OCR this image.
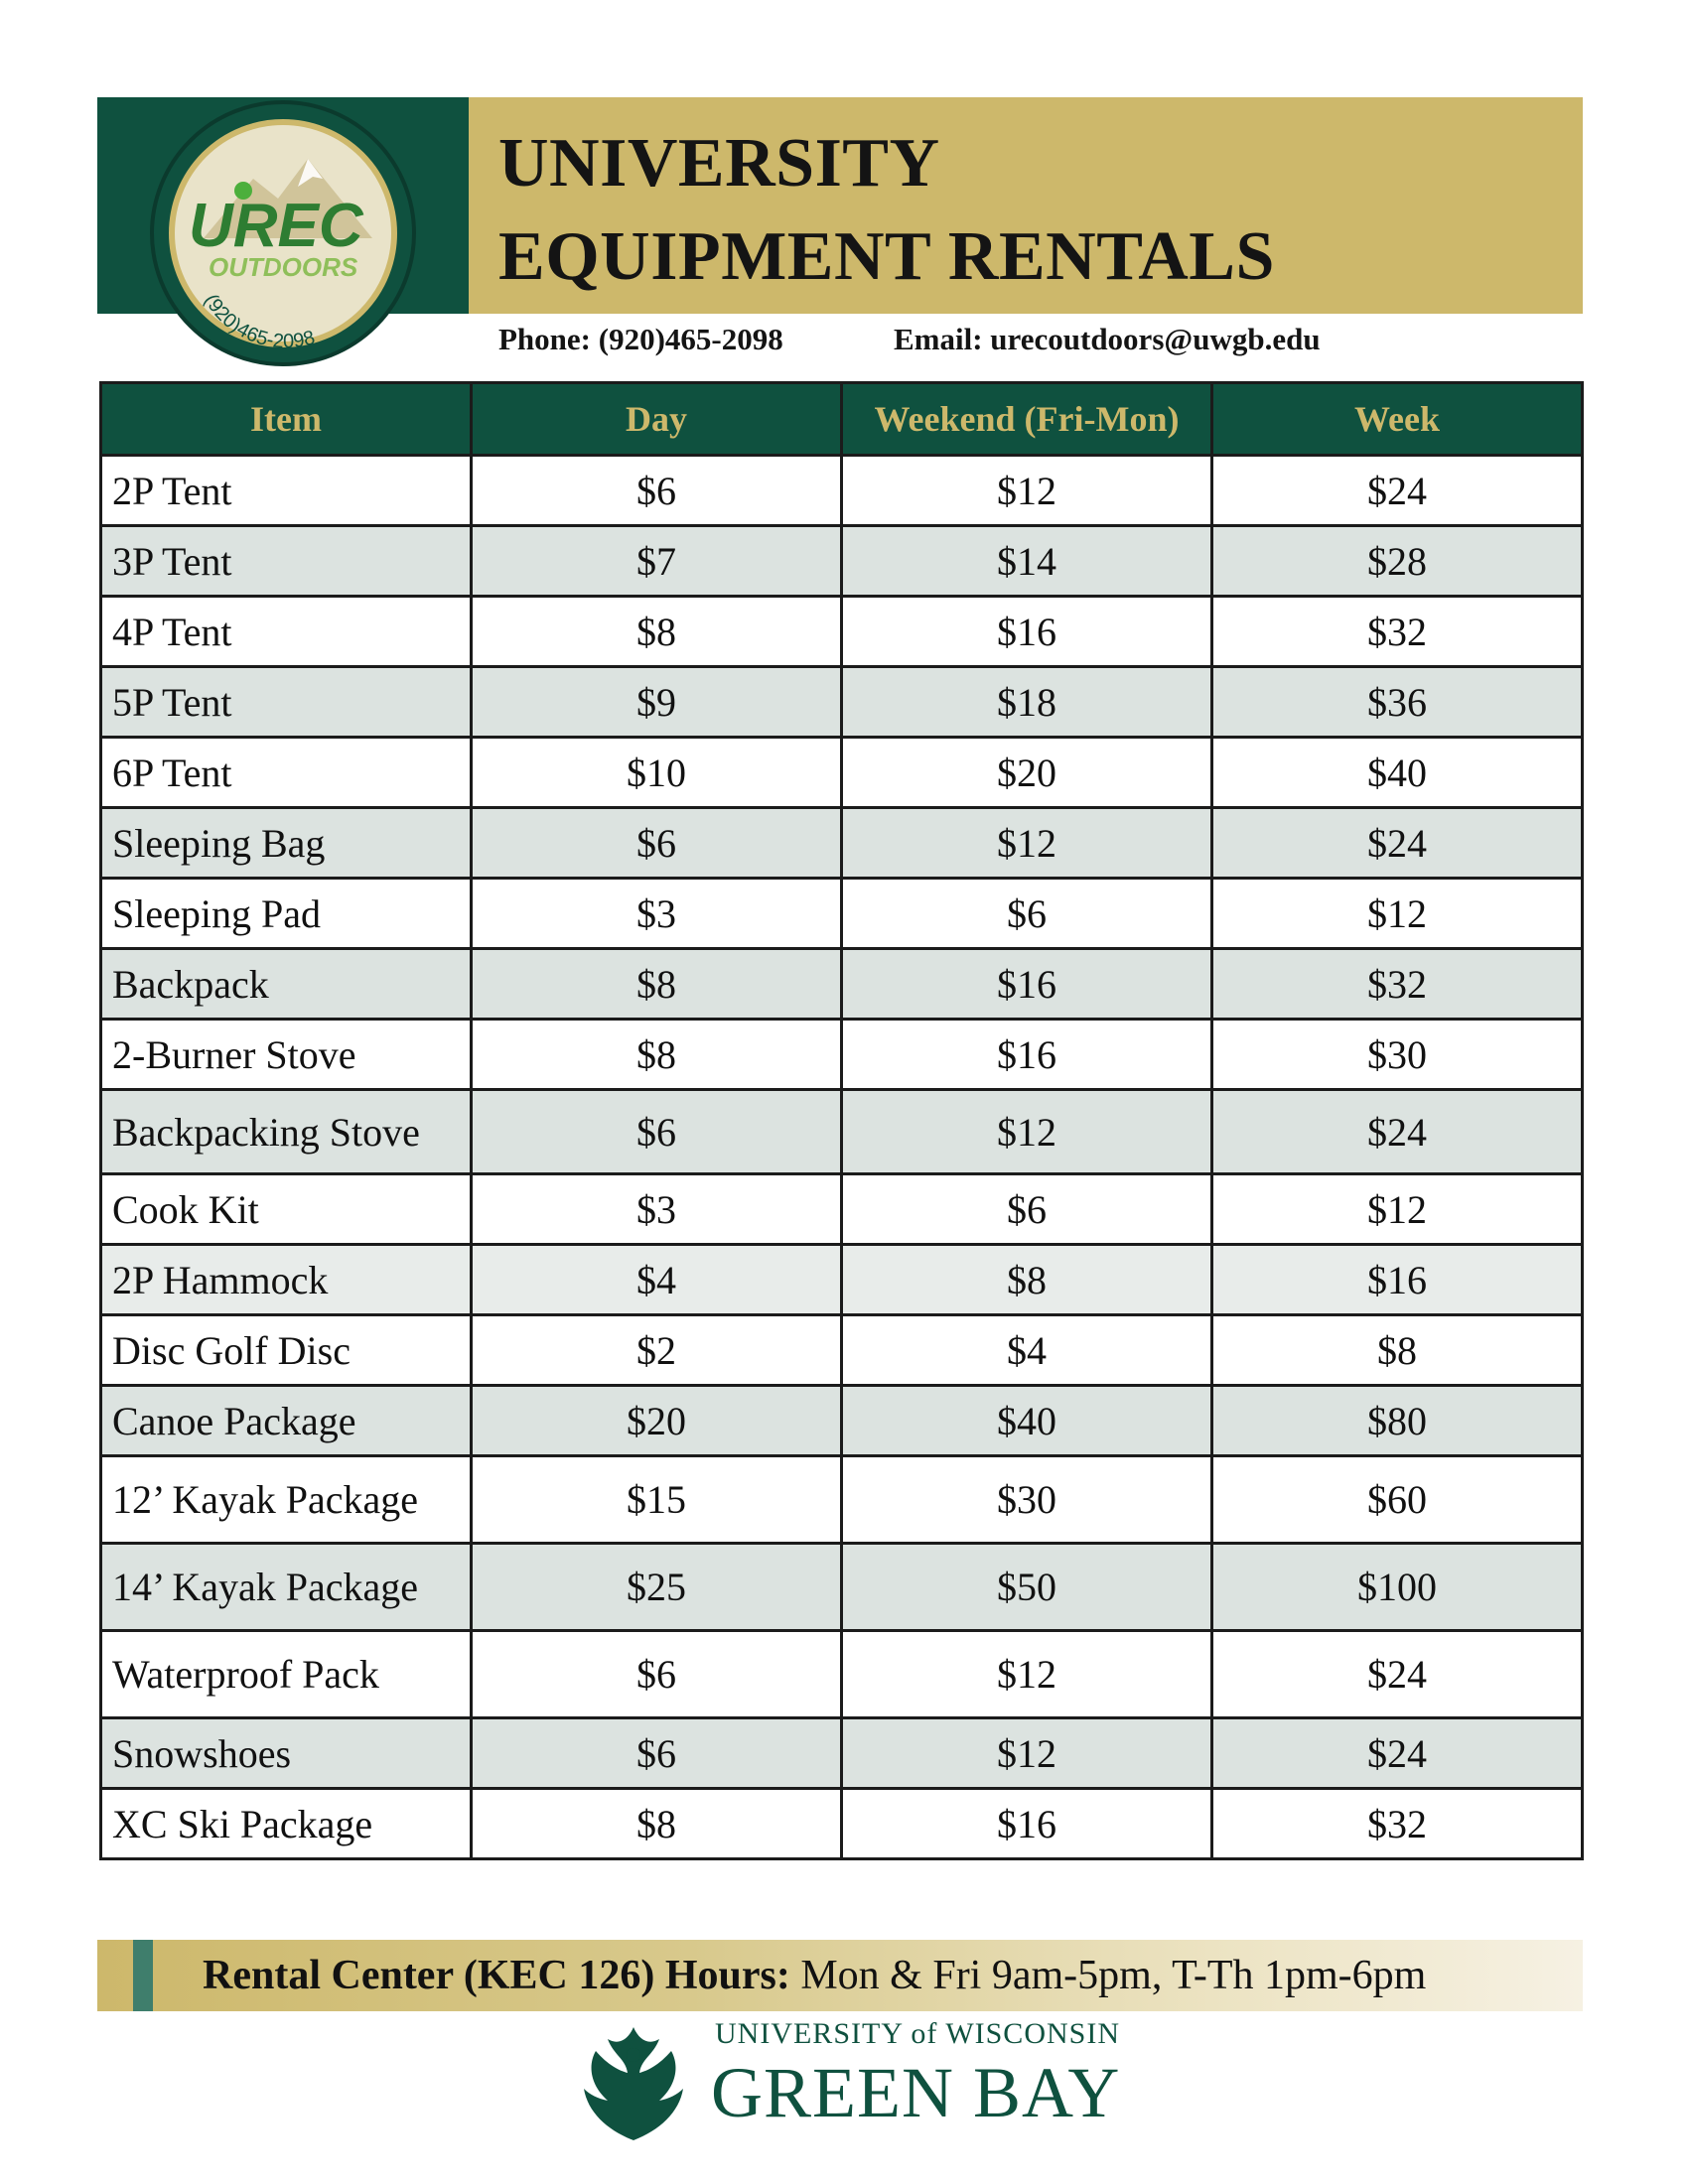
UNIVERSITY
EQUIPMENT RENTALS
Phone: (920)465-2098	Email: urecoutdoors@uwgb.edu
UREC
OUTDOORS
(920)465-2098
Item	Day	Weekend (Fri-Mon)	Week
2P Tent	$6	$12	$24
3P Tent	$7	$14	$28
4P Tent	$8	$16	$32
5P Tent	$9	$18	$36
6P Tent	$10	$20	$40
Sleeping Bag	$6	$12	$24
Sleeping Pad	$3	$6	$12
Backpack	$8	$16	$32
2-Burner Stove	$8	$16	$30
Backpacking Stove	$6	$12	$24
Cook Kit	$3	$6	$12
2P Hammock	$4	$8	$16
Disc Golf Disc	$2	$4	$8
Canoe Package	$20	$40	$80
12’ Kayak Package	$15	$30	$60
14’ Kayak Package	$25	$50	$100
Waterproof Pack	$6	$12	$24
Snowshoes	$6	$12	$24
XC Ski Package	$8	$16	$32
Rental Center (KEC 126) Hours: Mon & Fri 9am-5pm, T-Th 1pm-6pm
UNIVERSITY of WISCONSIN
GREEN BAY
